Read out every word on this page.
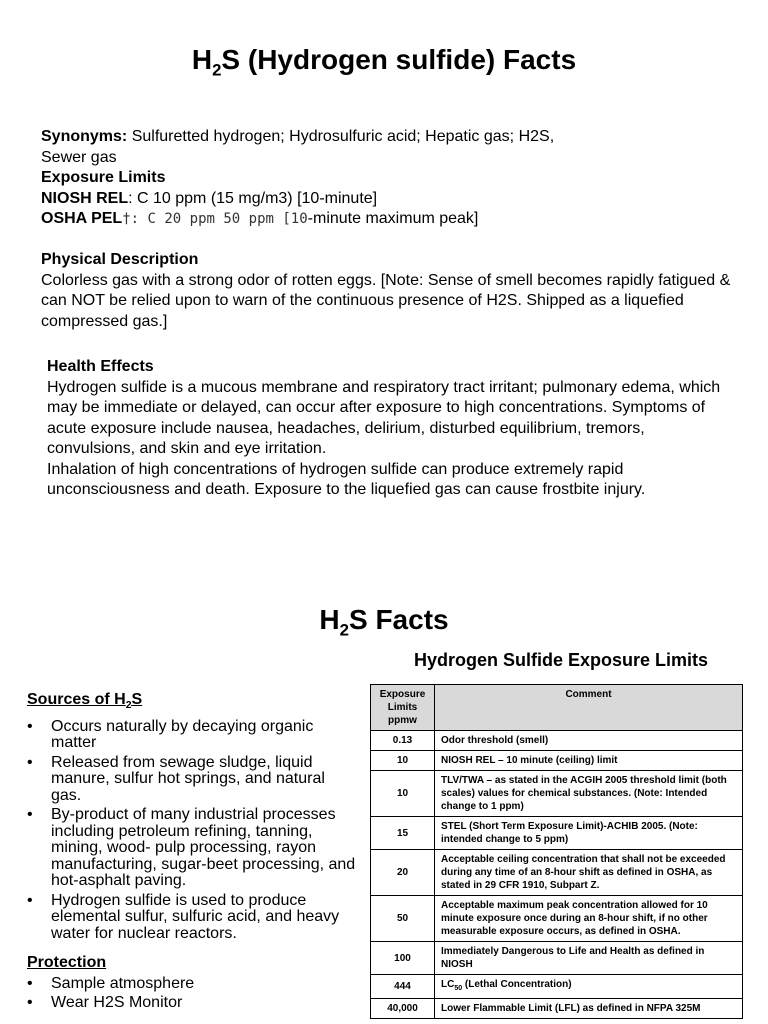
$H_2S$ (Hydrogen sulfide) Facts
Synonyms: Sulfuretted hydrogen; Hydrosulfuric acid; Hepatic gas; H2S,
Sewer gas
Exposure Limits
NIOSH REL: C 10 ppm (15 mg/m3) [10-minute]
OSHA PEL†: C 20 ppm 50 ppm [10-minute maximum peak]
Physical Description
Colorless gas with a strong odor of rotten eggs. [Note: Sense of smell becomes rapidly fatigued & can NOT be relied upon to warn of the continuous presence of H2S. Shipped as a liquefied compressed gas.]
Health Effects
Hydrogen sulfide is a mucous membrane and respiratory tract irritant; pulmonary edema, which may be immediate or delayed, can occur after exposure to high concentrations. Symptoms of acute exposure include nausea, headaches, delirium, disturbed equilibrium, tremors, convulsions, and skin and eye irritation.
Inhalation of high concentrations of hydrogen sulfide can produce extremely rapid unconsciousness and death. Exposure to the liquefied gas can cause frostbite injury.
$H_2S$ Facts
Hydrogen Sulfide Exposure Limits
Sources of $H_2S$
• Occurs naturally by decaying organic matter
• Released from sewage sludge, liquid manure, sulfur hot springs, and natural gas.
• By-product of many industrial processes including petroleum refining, tanning, mining, wood- pulp processing, rayon manufacturing, sugar-beet processing, and hot-asphalt paving.
• Hydrogen sulfide is used to produce elemental sulfur, sulfuric acid, and heavy water for nuclear reactors.
Protection
• Sample atmosphere
• Wear H2S Monitor
Exposure Limits ppmw	Comment
0.13	Odor threshold (smell)
10	NIOSH REL – 10 minute (ceiling) limit
10	TLV/TWA – as stated in the ACGIH 2005 threshold limit (both scales) values for chemical substances. (Note: Intended change to 1 ppm)
15	STEL (Short Term Exposure Limit)-ACHIB 2005. (Note: intended change to 5 ppm)
20	Acceptable ceiling concentration that shall not be exceeded during any time of an 8-hour shift as defined in OSHA, as stated in 29 CFR 1910, Subpart Z.
50	Acceptable maximum peak concentration allowed for 10 minute exposure once during an 8-hour shift, if no other measurable exposure occurs, as defined in OSHA.
100	Immediately Dangerous to Life and Health as defined in NIOSH
444	$LC_{50}$ (Lethal Concentration)
40,000	Lower Flammable Limit (LFL) as defined in NFPA 325M
